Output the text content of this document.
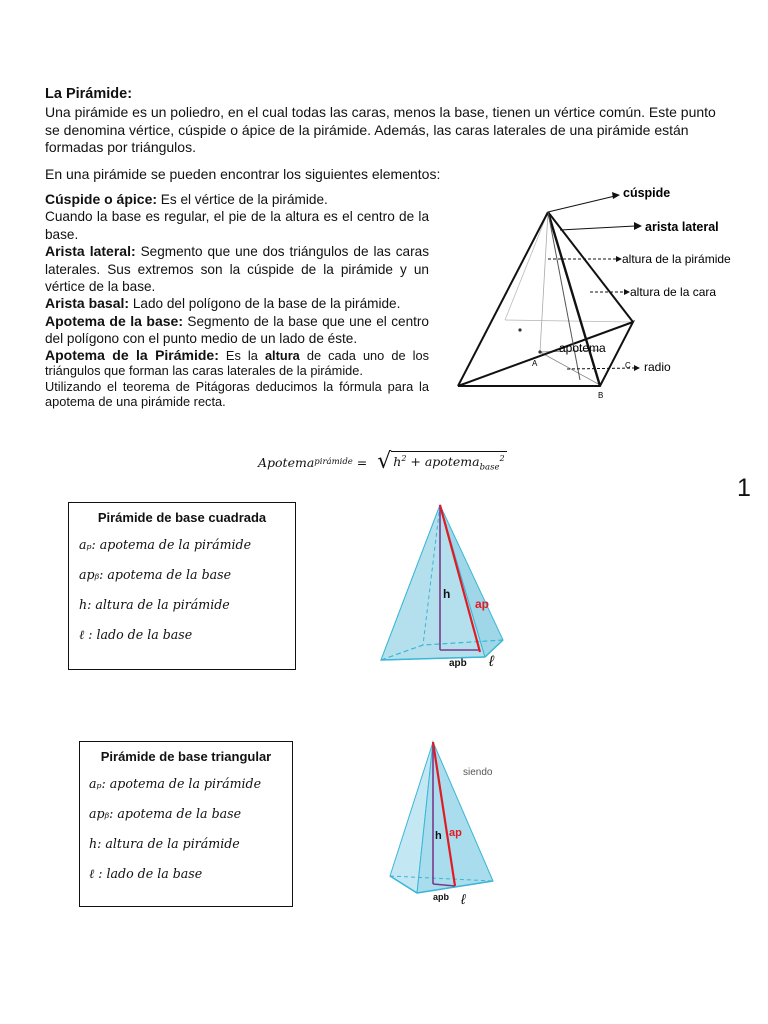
La Pirámide:
Una pirámide es un poliedro, en el cual todas las caras, menos la base, tienen un vértice común. Este punto se denomina vértice, cúspide o ápice de la pirámide. Además, las caras laterales de una pirámide están formadas por triángulos.
En una pirámide se pueden encontrar los siguientes elementos:

Cúspide o ápice: Es el vértice de la pirámide.

Cuando la base es regular, el pie de la altura es el centro de la base.

Arista lateral: Segmento que une dos triángulos de las caras laterales. Sus extremos son la cúspide de la pirámide y un vértice de la base.

Arista basal: Lado del polígono de la base de la pirámide.

Apotema de la base: Segmento de la base que une el centro del polígono con el punto medio de un lado de éste.

Apotema de la Pirámide: Es la altura de cada uno de los triángulos que forman las caras laterales de la pirámide.

Utilizando el teorema de Pitágoras deducimos la fórmula para la apotema de una pirámide recta.

cúspide
arista lateral
altura de la pirámide
altura de la cara
apotema
radio
A
B
C
Apotema pirámide = √ $h^2$ + apotema$_{base}^2$
1
Pirámide de base cuadrada
aₚ: apotema de la pirámide
apᵦ: apotema de la base
h: altura de la pirámide
ℓ : lado de la base
h
ap
apb ℓ
Pirámide de base triangular
aₚ: apotema de la pirámide
apᵦ: apotema de la base
h: altura de la pirámide
ℓ : lado de la base
h ap
apb ℓ
siendo
